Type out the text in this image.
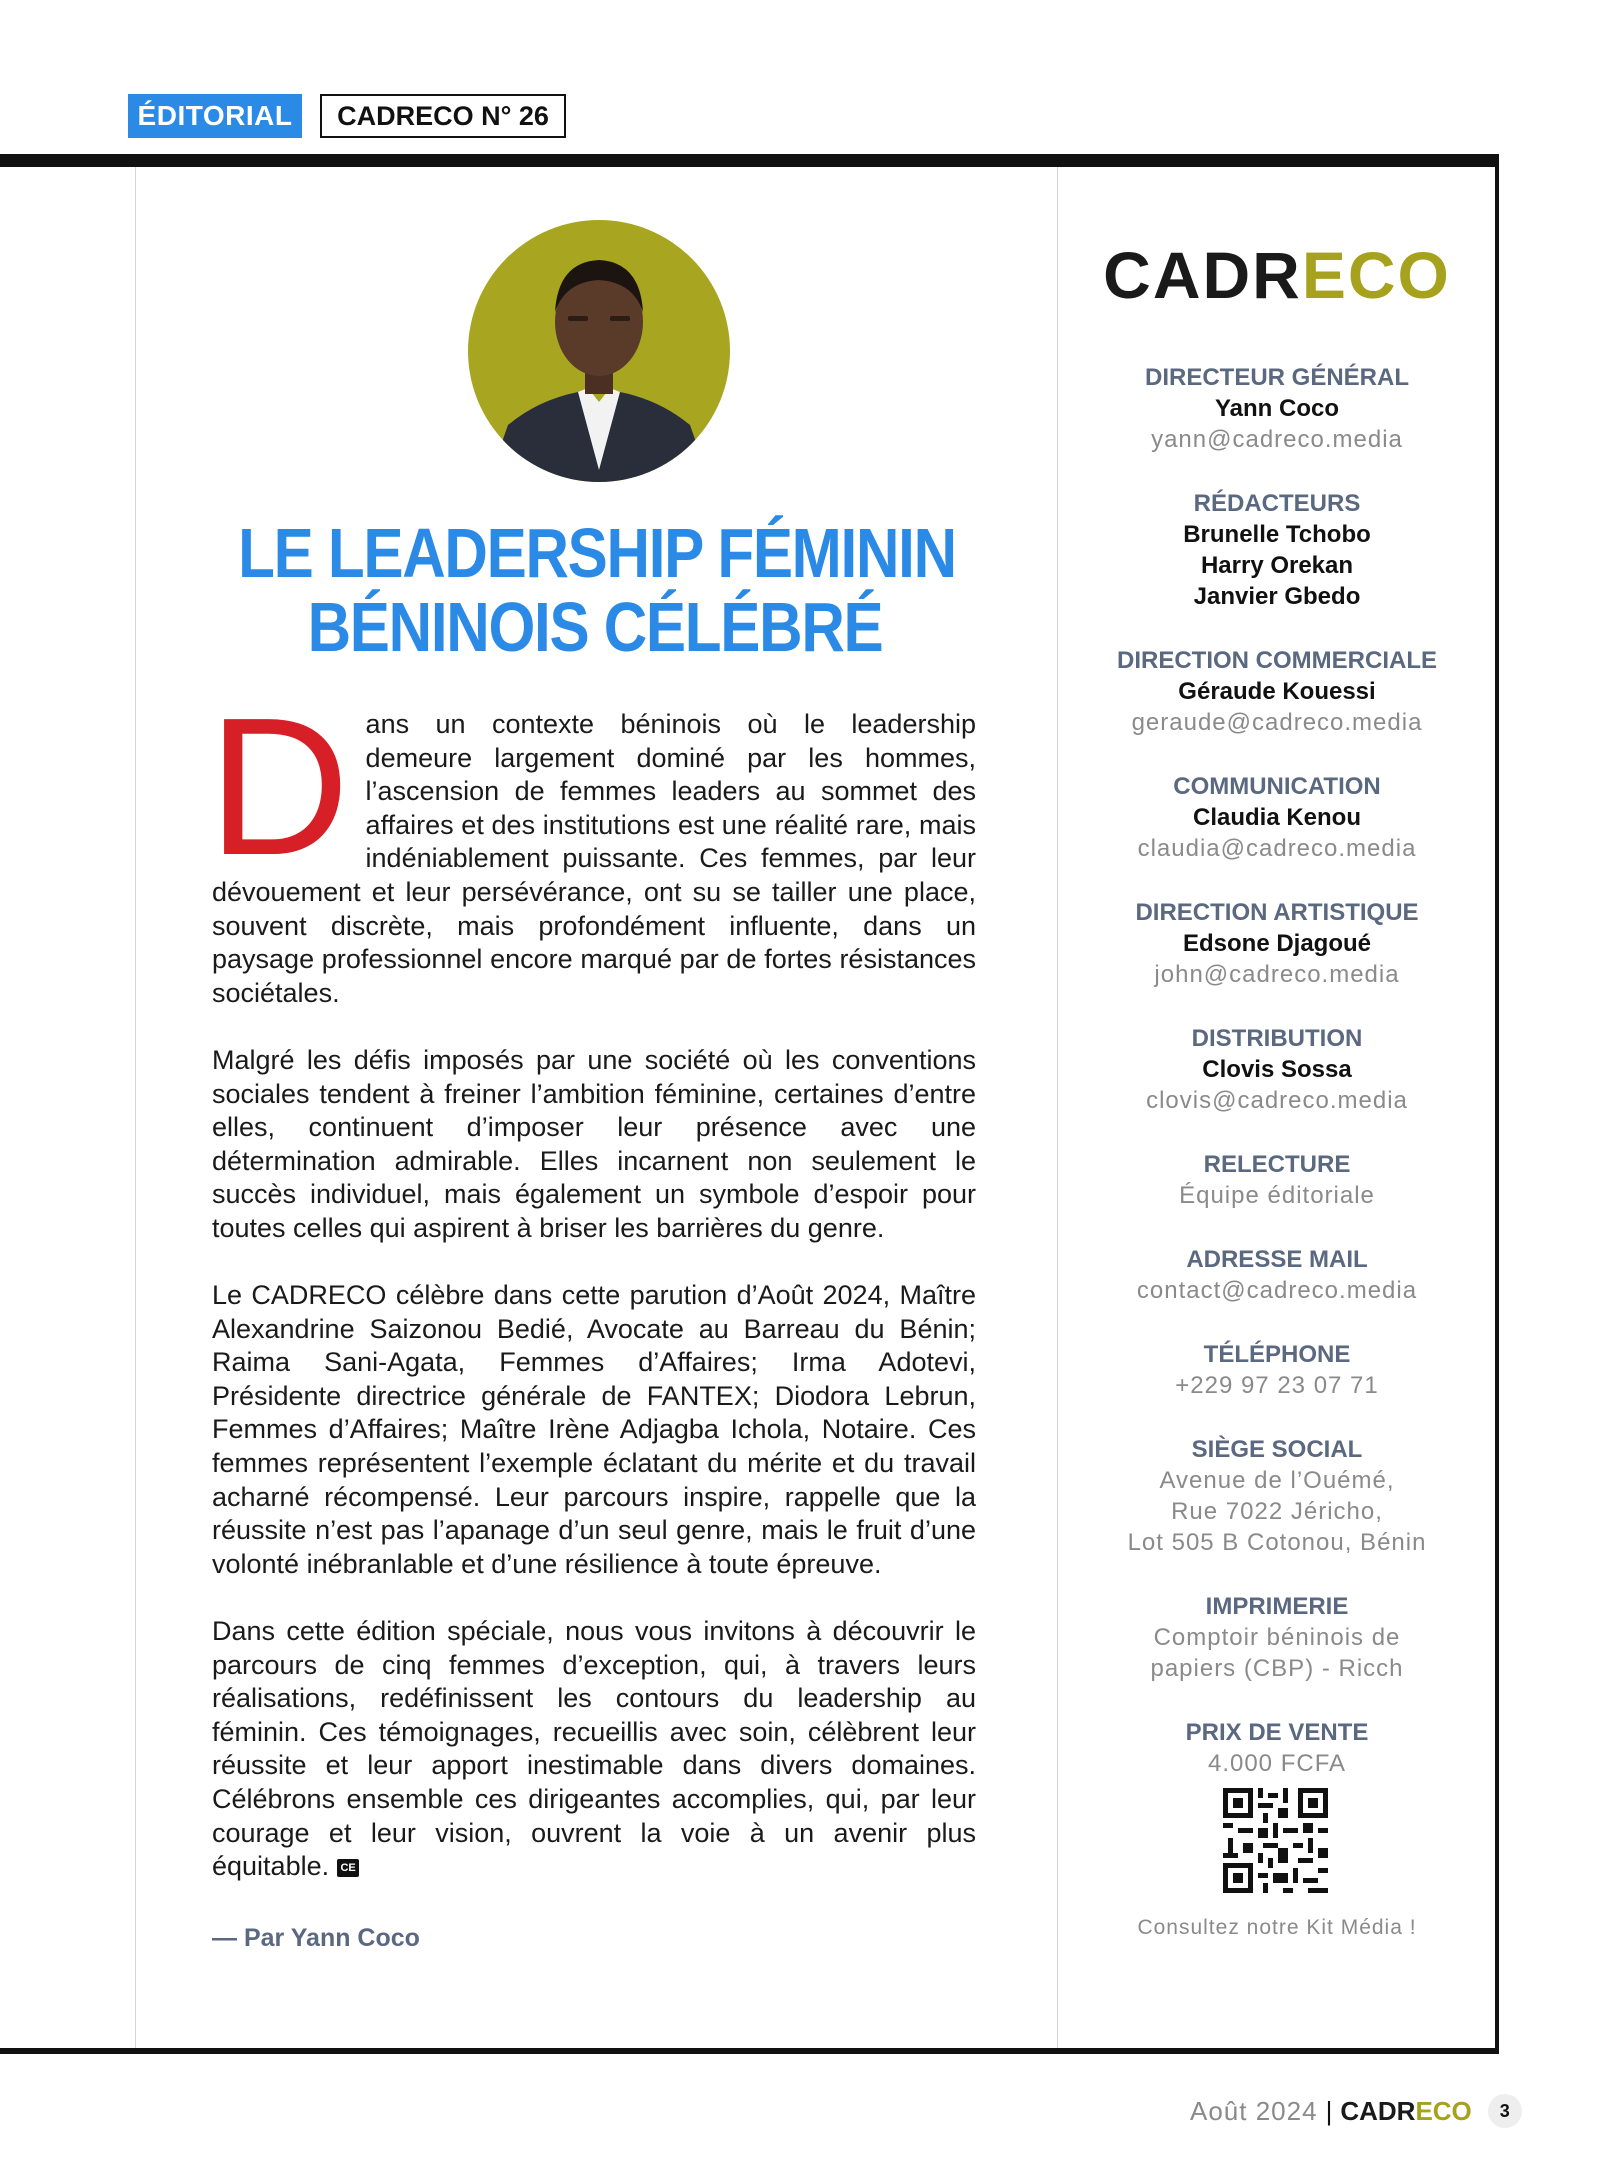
ÉDITORIAL	CADRECO N° 26
LE LEADERSHIP FÉMININ
BÉNINOIS CÉLÉBRÉ

Dans un contexte béninois où le leadership demeure largement dominé par les hommes, l’ascension de femmes leaders au sommet des affaires et des institutions est une réalité rare, mais indéniablement puissante. Ces femmes, par leur dévouement et leur persévérance, ont su se tailler une place, souvent discrète, mais profondément influente, dans un paysage professionnel encore marqué par de fortes résistances sociétales.

Malgré les défis imposés par une société où les conventions sociales tendent à freiner l’ambition féminine, certaines d’entre elles, continuent d’imposer leur présence avec une détermination admirable. Elles incarnent non seulement le succès individuel, mais également un symbole d’espoir pour toutes celles qui aspirent à briser les barrières du genre.

Le CADRECO célèbre dans cette parution d’Août 2024, Maître Alexandrine Saizonou Bedié, Avocate au Barreau du Bénin; Raima Sani-Agata, Femmes d’Affaires; Irma Adotevi, Présidente directrice générale de FANTEX; Diodora Lebrun, Femmes d’Affaires; Maître Irène Adjagba Ichola, Notaire. Ces femmes représentent l’exemple éclatant du mérite et du travail acharné récompensé. Leur parcours inspire, rappelle que la réussite n’est pas l’apanage d’un seul genre, mais le fruit d’une volonté inébranlable et d’une résilience à toute épreuve.

Dans cette édition spéciale, nous vous invitons à découvrir le parcours de cinq femmes d’exception, qui, à travers leurs réalisations, redéfinissent les contours du leadership au féminin. Ces témoignages, recueillis avec soin, célèbrent leur réussite et leur apport inestimable dans divers domaines. Célébrons ensemble ces dirigeantes accomplies, qui, par leur courage et leur vision, ouvrent la voie à un avenir plus équitable. CE

— Par Yann Coco
CADRECO
DIRECTEUR GÉNÉRAL
Yann Coco
yann@cadreco.media
RÉDACTEURS
Brunelle Tchobo
Harry Orekan
Janvier Gbedo
DIRECTION COMMERCIALE
Géraude Kouessi
geraude@cadreco.media
COMMUNICATION
Claudia Kenou
claudia@cadreco.media
DIRECTION ARTISTIQUE
Edsone Djagoué
john@cadreco.media
DISTRIBUTION
Clovis Sossa
clovis@cadreco.media
RELECTURE
Équipe éditoriale
ADRESSE MAIL
contact@cadreco.media
TÉLÉPHONE
+229 97 23 07 71
SIÈGE SOCIAL
Avenue de l’Ouémé,
Rue 7022 Jéricho,
Lot 505 B Cotonou, Bénin
IMPRIMERIE
Comptoir béninois de
papiers (CBP) - Ricch
PRIX DE VENTE
4.000 FCFA
Consultez notre Kit Média !
Août 2024 | CADR ECO	3
